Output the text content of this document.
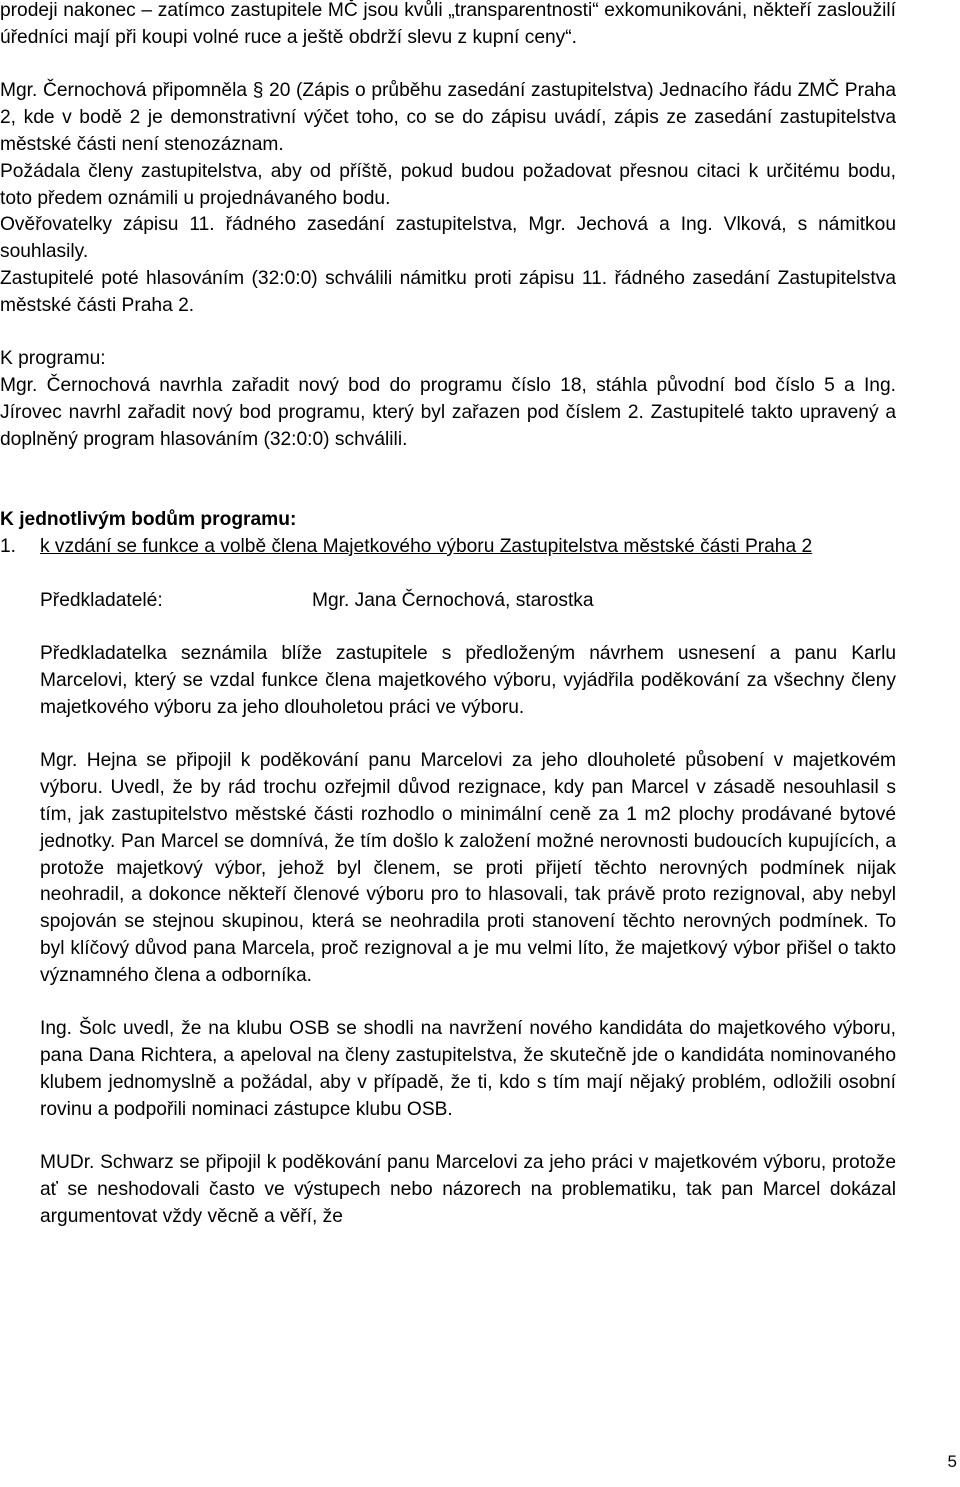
prodeji nakonec – zatímco zastupitele MČ jsou kvůli „transparentnosti“ exkomunikováni, někteří zasloužilí úředníci mají při koupi volné ruce a ještě obdrží slevu z kupní ceny“.

Mgr. Černochová připomněla § 20 (Zápis o průběhu zasedání zastupitelstva) Jednacího řádu ZMČ Praha 2, kde v bodě 2 je demonstrativní výčet toho, co se do zápisu uvádí, zápis ze zasedání zastupitelstva městské části není stenozáznam.

Požádala členy zastupitelstva, aby od příště, pokud budou požadovat přesnou citaci k určitému bodu, toto předem oznámili u projednávaného bodu.

Ověřovatelky zápisu 11. řádného zasedání zastupitelstva, Mgr. Jechová a Ing. Vlková, s námitkou souhlasily.

Zastupitelé poté hlasováním (32:0:0) schválili námitku proti zápisu 11. řádného zasedání Zastupitelstva městské části Praha 2.

K programu:

Mgr. Černochová navrhla zařadit nový bod do programu číslo 18, stáhla původní bod číslo 5 a Ing. Jírovec navrhl zařadit nový bod programu, který byl zařazen pod číslem 2. Zastupitelé takto upravený a doplněný program hlasováním (32:0:0) schválili.

K jednotlivým bodům programu:

1.	k vzdání se funkce a volbě člena Majetkového výboru Zastupitelstva městské části Praha 2
Předkladatelé:	Mgr. Jana Černochová, starostka

Předkladatelka seznámila blíže zastupitele s předloženým návrhem usnesení a panu Karlu Marcelovi, který se vzdal funkce člena majetkového výboru, vyjádřila poděkování za všechny členy majetkového výboru za jeho dlouholetou práci ve výboru.

Mgr. Hejna se připojil k poděkování panu Marcelovi za jeho dlouholeté působení v majetkovém výboru. Uvedl, že by rád trochu ozřejmil důvod rezignace, kdy pan Marcel v zásadě nesouhlasil s tím, jak zastupitelstvo městské části rozhodlo o minimální ceně za 1 m2 plochy prodávané bytové jednotky. Pan Marcel se domnívá, že tím došlo k založení možné nerovnosti budoucích kupujících, a protože majetkový výbor, jehož byl členem, se proti přijetí těchto nerovných podmínek nijak neohradil, a dokonce někteří členové výboru pro to hlasovali, tak právě proto rezignoval, aby nebyl spojován se stejnou skupinou, která se neohradila proti stanovení těchto nerovných podmínek. To byl klíčový důvod pana Marcela, proč rezignoval a je mu velmi líto, že majetkový výbor přišel o takto významného člena a odborníka.

Ing. Šolc uvedl, že na klubu OSB se shodli na navržení nového kandidáta do majetkového výboru, pana Dana Richtera, a apeloval na členy zastupitelstva, že skutečně jde o kandidáta nominovaného klubem jednomyslně a požádal, aby v případě, že ti, kdo s tím mají nějaký problém, odložili osobní rovinu a podpořili nominaci zástupce klubu OSB.

MUDr. Schwarz se připojil k poděkování panu Marcelovi za jeho práci v majetkovém výboru, protože ať se neshodovali často ve výstupech nebo názorech na problematiku, tak pan Marcel dokázal argumentovat vždy věcně a věří, že

5
